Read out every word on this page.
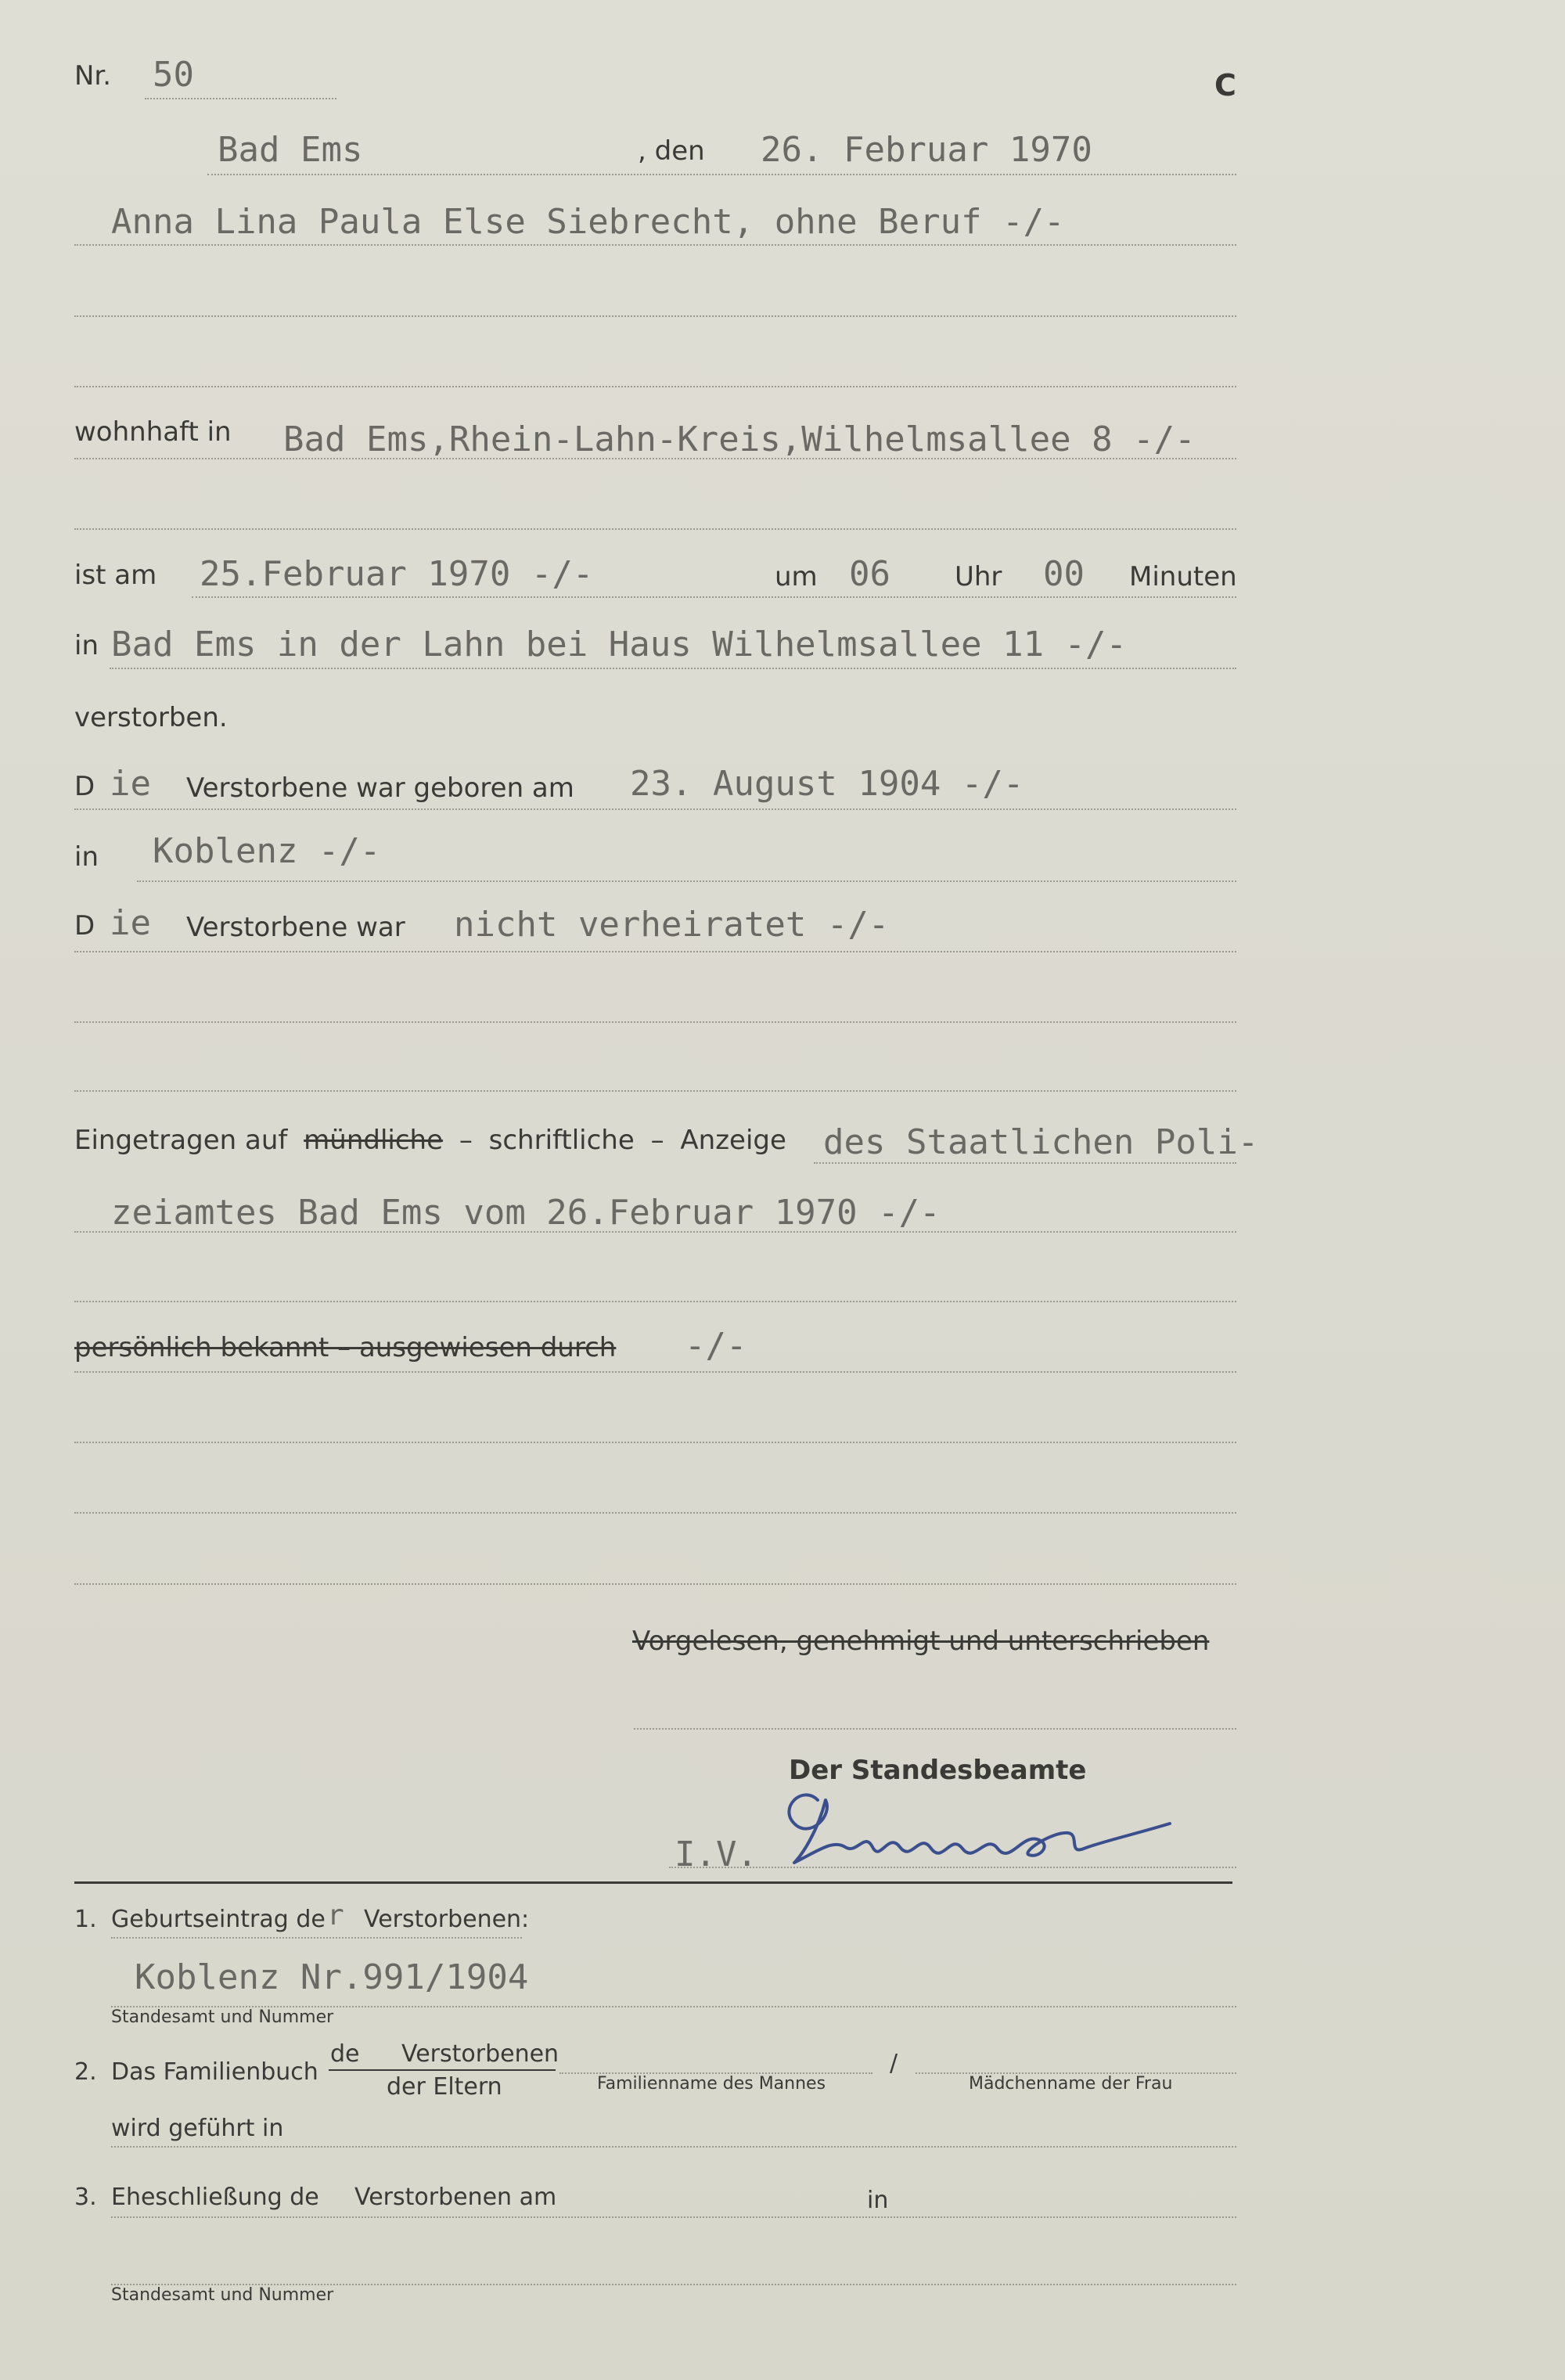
Nr. 50	C
Bad Ems	, den 26. Februar 1970
Anna Lina Paula Else Siebrecht, ohne Beruf -/-
wohnhaft in Bad Ems,Rhein-Lahn-Kreis,Wilhelmsallee 8 -/-
ist am 25.Februar 1970 -/-	um 06 Uhr 00 Minuten
in Bad Ems in der Lahn bei Haus Wilhelmsallee 11 -/-
verstorben.
D ie Verstorbene war geboren am 23. August 1904 -/-
in Koblenz -/-
D ie Verstorbene war nicht verheiratet -/-
Eingetragen auf mündliche – schriftliche – Anzeige des Staatlichen Poli-
zeiamtes Bad Ems vom 26.Februar 1970 -/-
persönlich bekannt – ausgewiesen durch -/-
Vorgelesen, genehmigt und unterschrieben
Der Standesbeamte
I.V.
1. Geburtseintrag de r Verstorbenen:
Koblenz Nr.991/1904
Standesamt und Nummer
2. Das Familienbuch
de Verstorbenen
der Eltern
/
Familienname des Mannes	Mädchenname der Frau
wird geführt in
3. Eheschließung de Verstorbenen am	in
Standesamt und Nummer
